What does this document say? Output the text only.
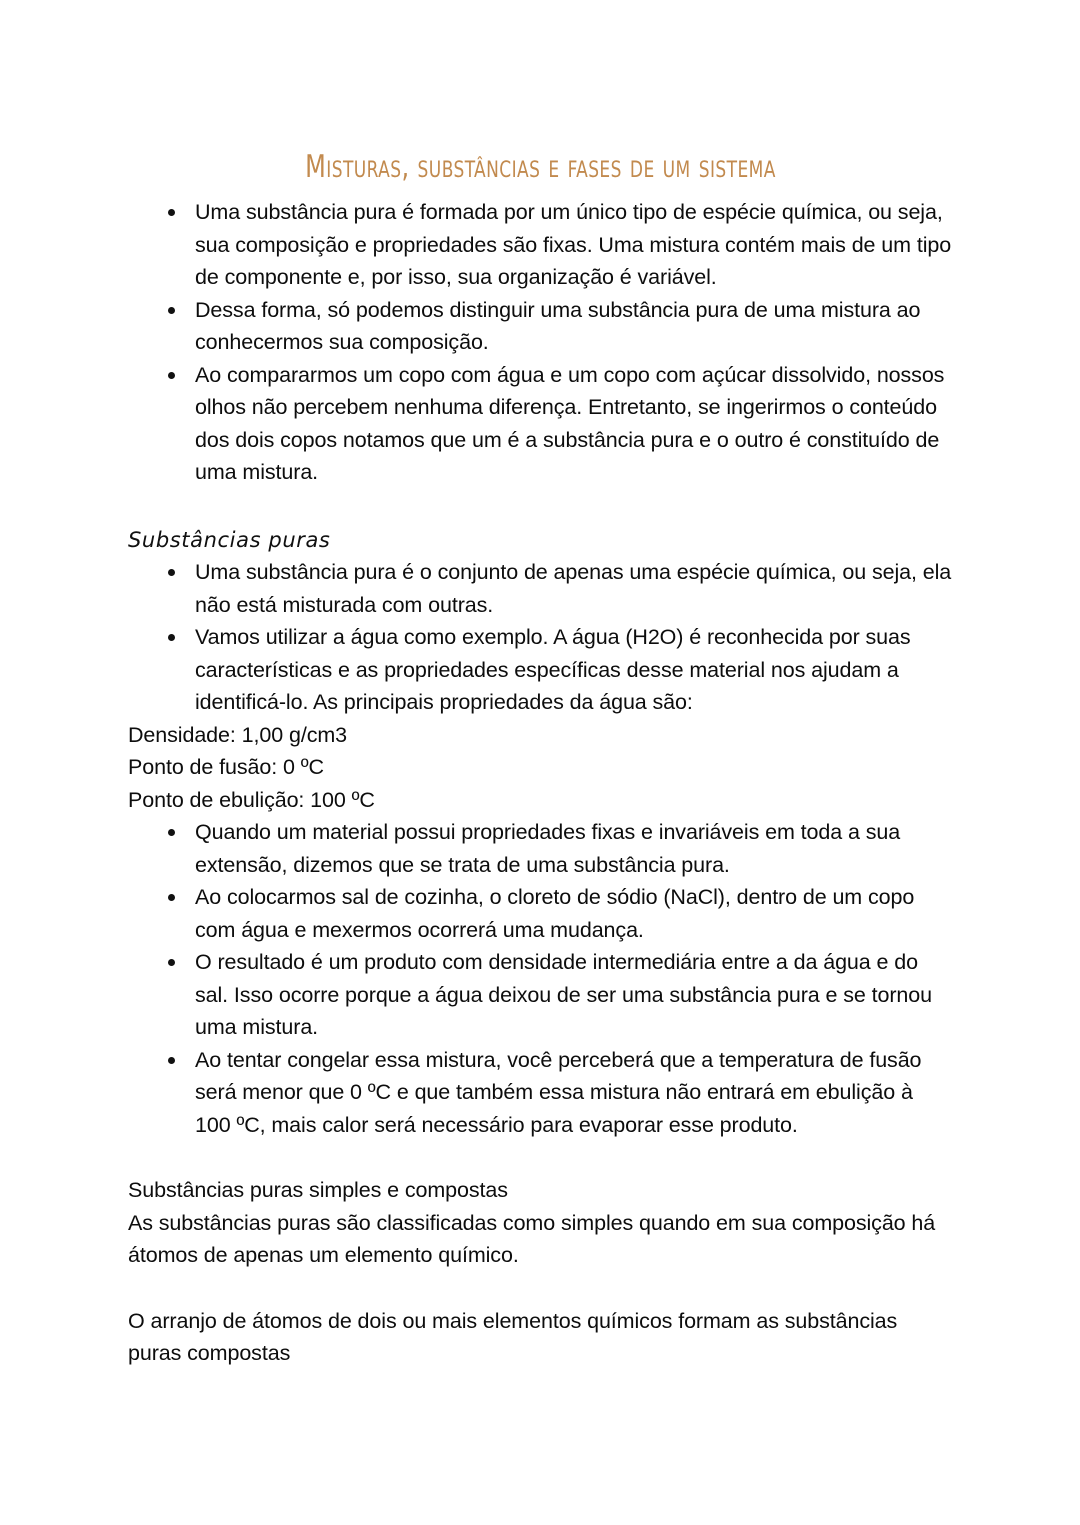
Misturas, substâncias e fases de um sistema
Uma substância pura é formada por um único tipo de espécie química, ou seja, sua composição e propriedades são fixas. Uma mistura contém mais de um tipo de componente e, por isso, sua organização é variável.
Dessa forma, só podemos distinguir uma substância pura de uma mistura ao conhecermos sua composição.
Ao compararmos um copo com água e um copo com açúcar dissolvido, nossos olhos não percebem nenhuma diferença. Entretanto, se ingerirmos o conteúdo dos dois copos notamos que um é a substância pura e o outro é constituído de uma mistura.
Substâncias puras
Uma substância pura é o conjunto de apenas uma espécie química, ou seja, ela não está misturada com outras.
Vamos utilizar a água como exemplo. A água (H2O) é reconhecida por suas características e as propriedades específicas desse material nos ajudam a identificá-lo. As principais propriedades da água são:
Densidade: 1,00 g/cm3
Ponto de fusão: 0 ºC
Ponto de ebulição: 100 ºC
Quando um material possui propriedades fixas e invariáveis em toda a sua extensão, dizemos que se trata de uma substância pura.
Ao colocarmos sal de cozinha, o cloreto de sódio (NaCl), dentro de um copo com água e mexermos ocorrerá uma mudança.
O resultado é um produto com densidade intermediária entre a da água e do sal. Isso ocorre porque a água deixou de ser uma substância pura e se tornou uma mistura.
Ao tentar congelar essa mistura, você perceberá que a temperatura de fusão será menor que 0 ºC e que também essa mistura não entrará em ebulição à 100 ºC, mais calor será necessário para evaporar esse produto.
Substâncias puras simples e compostas

As substâncias puras são classificadas como simples quando em sua composição há átomos de apenas um elemento químico.

O arranjo de átomos de dois ou mais elementos químicos formam as substâncias puras compostas
